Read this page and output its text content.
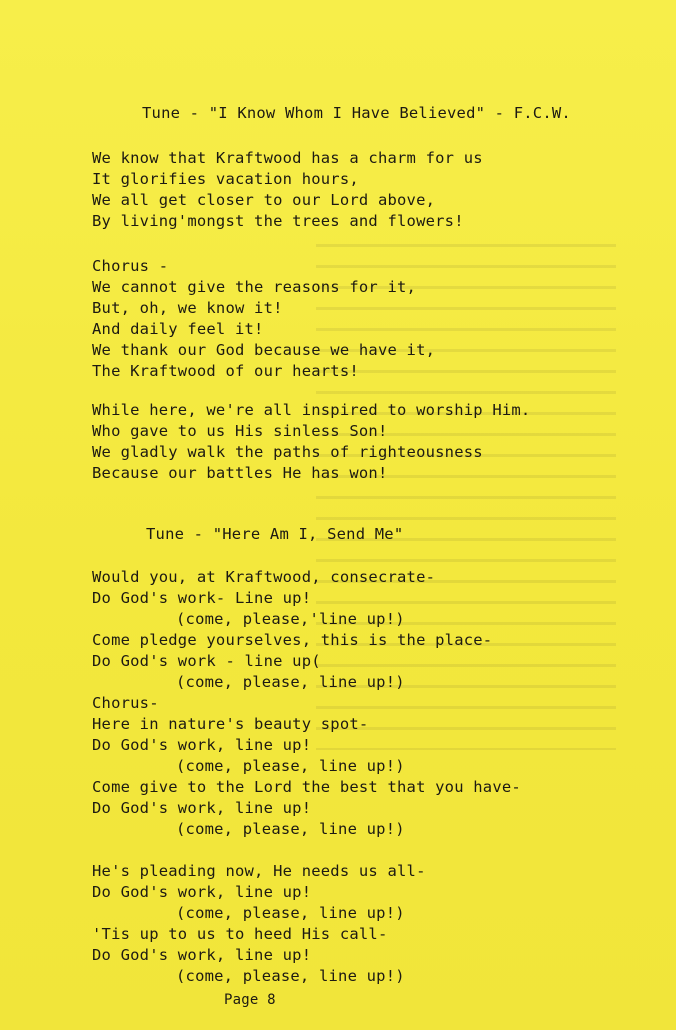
Tune - "I Know Whom I Have Believed" - F.C.W.
We know that Kraftwood has a charm for us
It glorifies vacation hours,
We all get closer to our Lord above,
By living'mongst the trees and flowers!
Chorus -
We cannot give the reasons for it,
But, oh, we know it!
And daily feel it!
We thank our God because we have it,
The Kraftwood of our hearts!
While here, we're all inspired to worship Him.
Who gave to us His sinless Son!
We gladly walk the paths of righteousness
Because our battles He has won!
Tune - "Here Am I, Send Me"
Would you, at Kraftwood, consecrate-
Do God's work- Line up!
(come, please,'line up!)
Come pledge yourselves, this is the place-
Do God's work - line up(
(come, please, line up!)
Chorus-
Here in nature's beauty spot-
Do God's work, line up!
(come, please, line up!)
Come give to the Lord the best that you have-
Do God's work, line up!
(come, please, line up!)
He's pleading now, He needs us all-
Do God's work, line up!
(come, please, line up!)
'Tis up to us to heed His call-
Do God's work, line up!
(come, please, line up!)
Page 8
